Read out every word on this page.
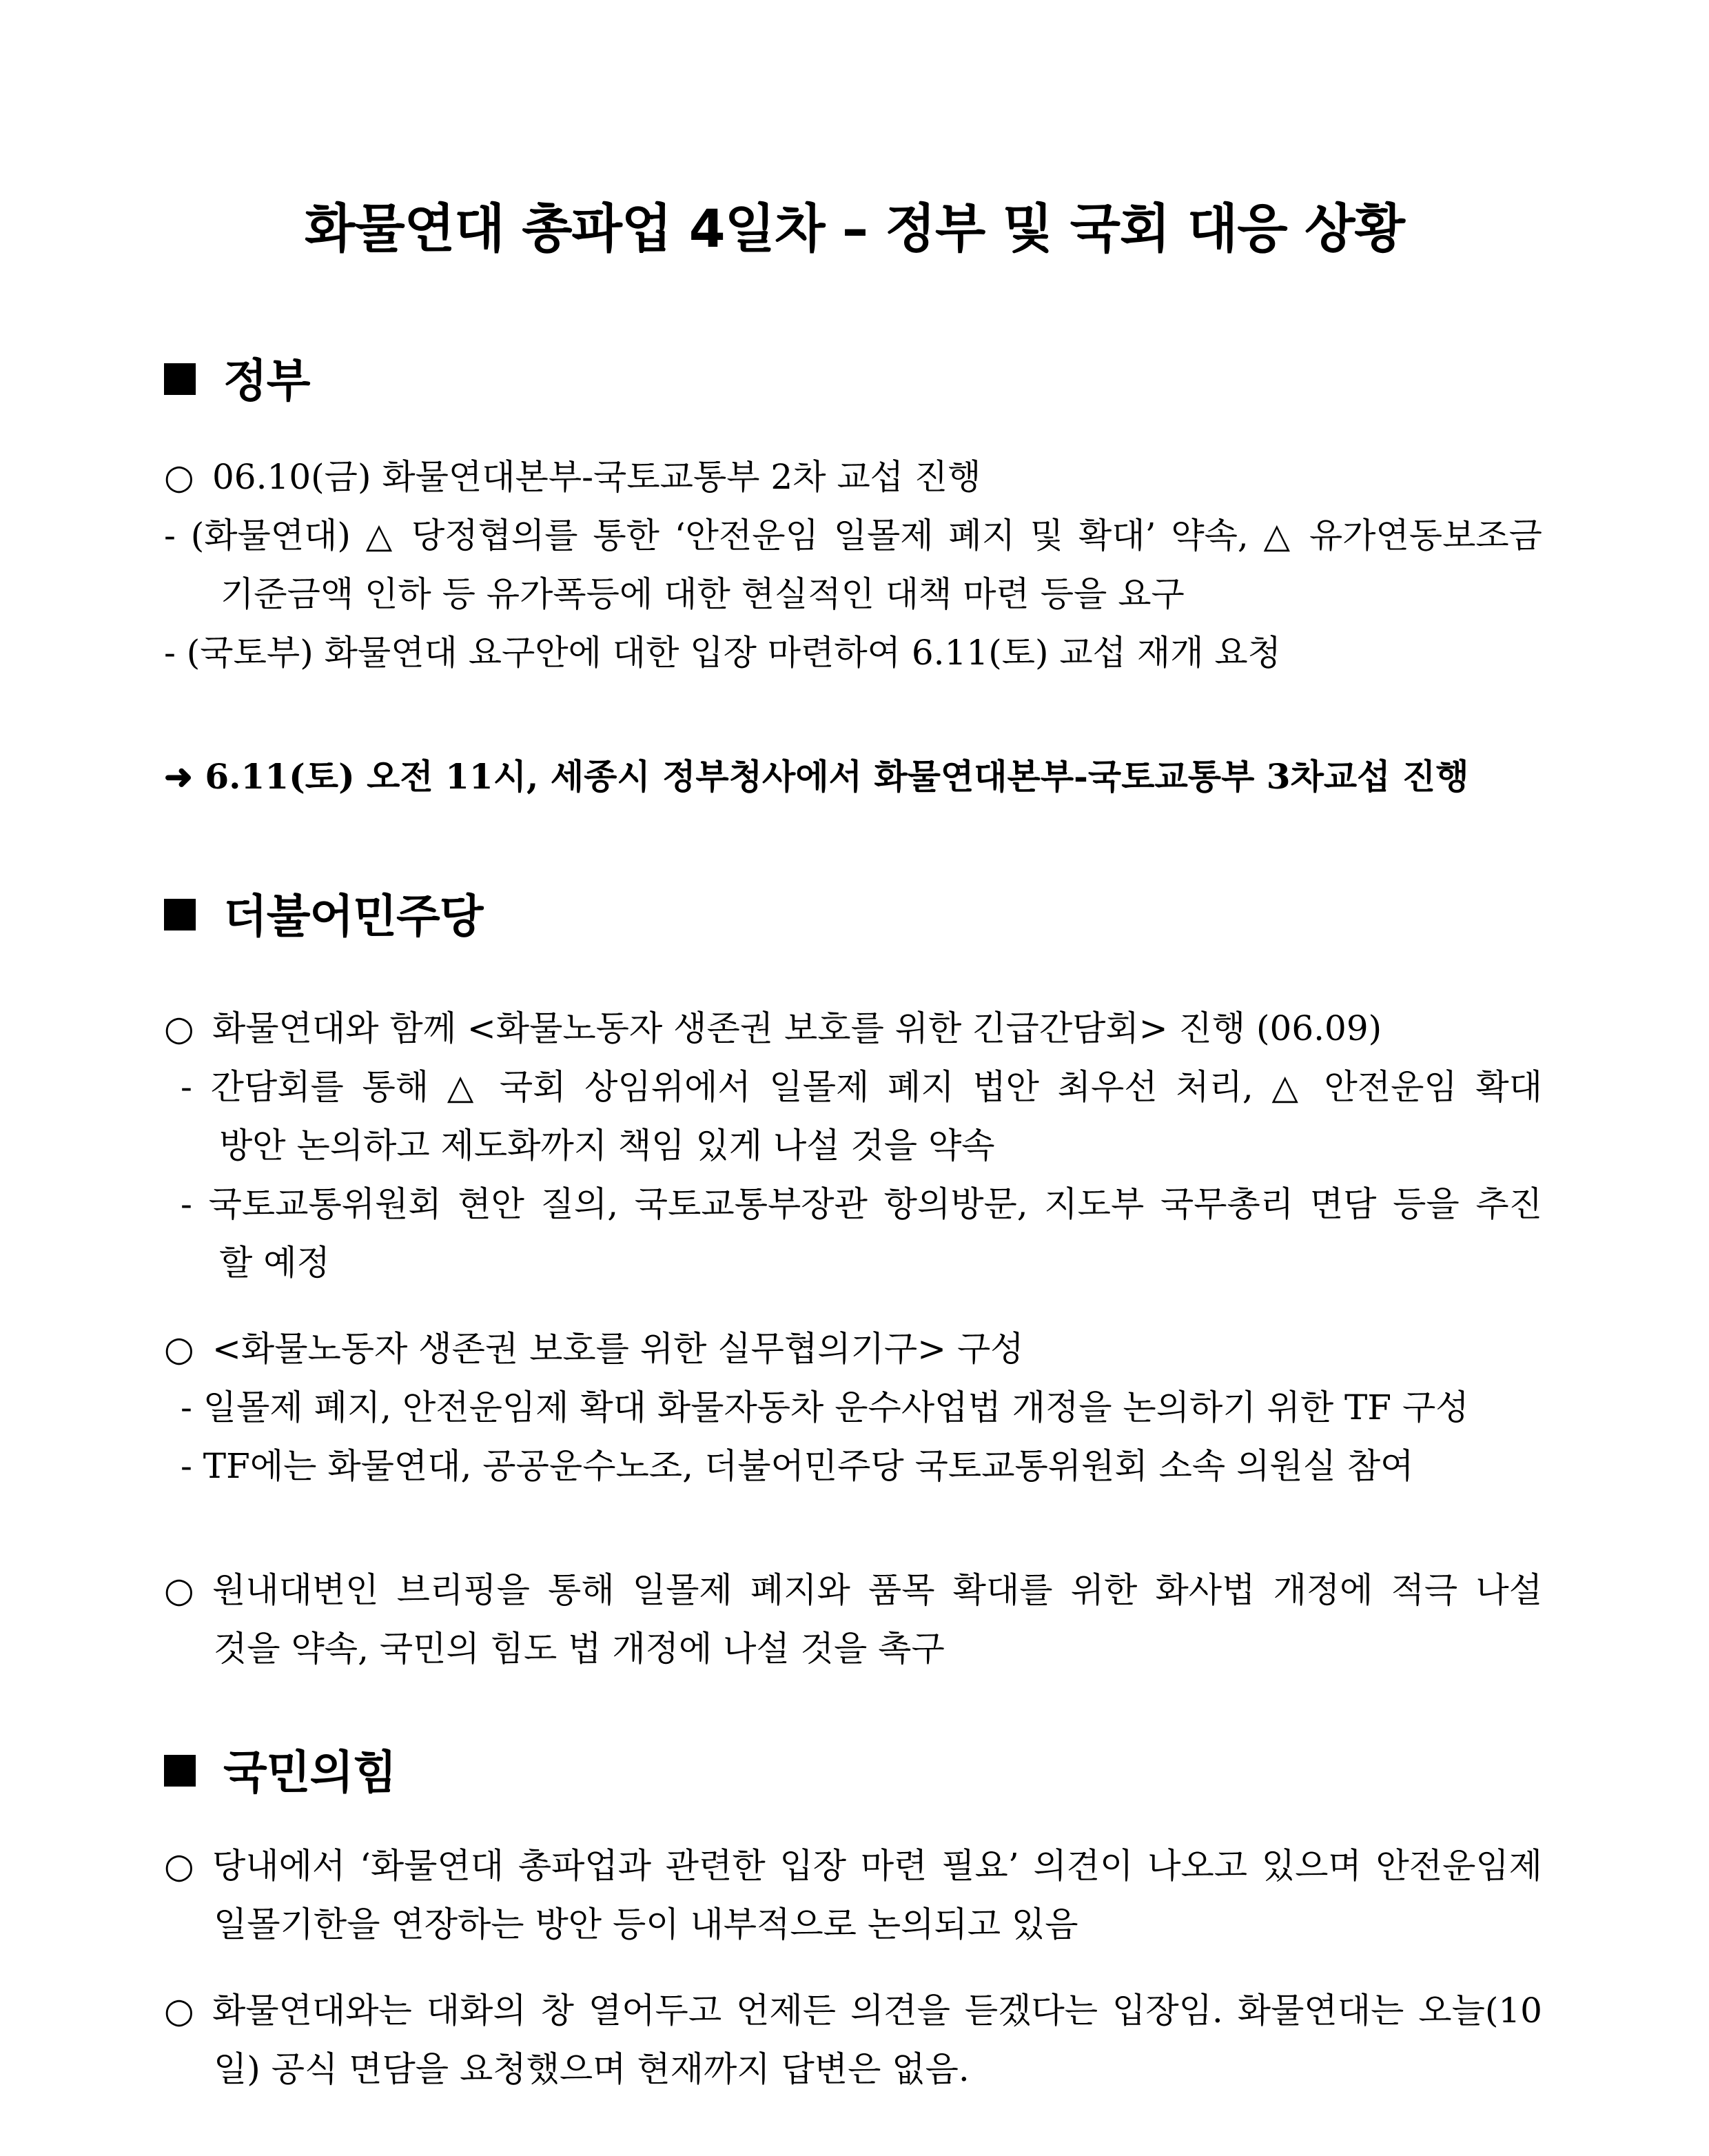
화물연대 총파업 4일차 – 정부 및 국회 대응 상황
정부
○ 06.10(금) 화물연대본부-국토교통부 2차 교섭 진행
- (화물연대) △ 당정협의를 통한 ‘안전운임 일몰제 폐지 및 확대’ 약속, △ 유가연동보조금
기준금액 인하 등 유가폭등에 대한 현실적인 대책 마련 등을 요구
- (국토부) 화물연대 요구안에 대한 입장 마련하여 6.11(토) 교섭 재개 요청
➜ 6.11(토) 오전 11시, 세종시 정부청사에서 화물연대본부-국토교통부 3차교섭 진행
더불어민주당
○ 화물연대와 함께 <화물노동자 생존권 보호를 위한 긴급간담회> 진행 (06.09)
- 간담회를 통해 △ 국회 상임위에서 일몰제 폐지 법안 최우선 처리, △ 안전운임 확대
방안 논의하고 제도화까지 책임 있게 나설 것을 약속
- 국토교통위원회 현안 질의, 국토교통부장관 항의방문, 지도부 국무총리 면담 등을 추진
할 예정
○ <화물노동자 생존권 보호를 위한 실무협의기구> 구성
- 일몰제 폐지, 안전운임제 확대 화물자동차 운수사업법 개정을 논의하기 위한 TF 구성
- TF에는 화물연대, 공공운수노조, 더불어민주당 국토교통위원회 소속 의원실 참여
○ 원내대변인 브리핑을 통해 일몰제 폐지와 품목 확대를 위한 화사법 개정에 적극 나설
것을 약속, 국민의 힘도 법 개정에 나설 것을 촉구
국민의힘
○ 당내에서 ‘화물연대 총파업과 관련한 입장 마련 필요’ 의견이 나오고 있으며 안전운임제
일몰기한을 연장하는 방안 등이 내부적으로 논의되고 있음
○ 화물연대와는 대화의 창 열어두고 언제든 의견을 듣겠다는 입장임. 화물연대는 오늘(10
일) 공식 면담을 요청했으며 현재까지 답변은 없음.
